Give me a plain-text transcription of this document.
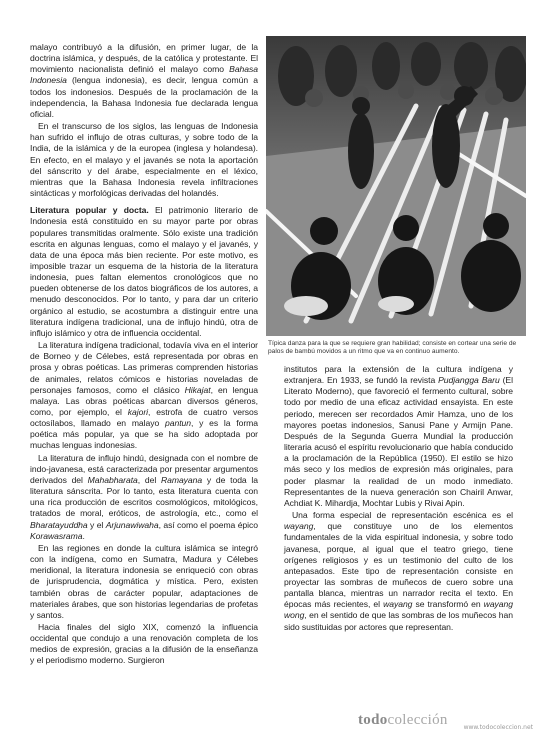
malayo contribuyó a la difusión, en primer lugar, de la doctrina islámica, y después, de la católica y protestante. El movimiento nacionalista definió el malayo como Bahasa Indonesia (lengua indonesia), es decir, lengua común a todos los indonesios. Después de la proclamación de la independencia, la Bahasa Indonesia fue declarada lengua oficial.

En el transcurso de los siglos, las lenguas de Indonesia han sufrido el influjo de otras culturas, y sobre todo de la India, de la islámica y de la europea (inglesa y holandesa). En efecto, en el malayo y el javanés se nota la aportación del sánscrito y del árabe, especialmente en el léxico, mientras que la Bahasa Indonesia revela infiltraciones sintácticas y morfológicas derivadas del holandés.

Literatura popular y docta. El patrimonio literario de Indonesia está constituido en su mayor parte por obras populares transmitidas oralmente. Sólo existe una tradición escrita en algunas lenguas, como el malayo y el javanés, y data de una época más bien reciente. Por este motivo, es imposible trazar un esquema de la historia de la literatura indonesia, pues faltan elementos cronológicos que no pueden obtenerse de los datos biográficos de los autores, a menudo desconocidos. Por lo tanto, y para dar un criterio orgánico al estudio, se acostumbra a distinguir entre una literatura indígena tradicional, una de influjo hindú, otra de influjo islámico y otra de influencia occidental.

La literatura indígena tradicional, todavía viva en el interior de Borneo y de Célebes, está representada por obras en prosa y obras poéticas. Las primeras comprenden historias de animales, relatos cómicos e historias noveladas de personajes famosos, como el clásico Hikajat, en lengua malaya. Las obras poéticas abarcan diversos géneros, como, por ejemplo, el kajori, estrofa de cuatro versos octosílabos, llamado en malayo pantun, y es la forma poética más popular, ya que se ha sido adoptada por muchas lenguas indonesias.

La literatura de influjo hindú, designada con el nombre de indo-javanesa, está caracterizada por presentar argumentos derivados del Mahabharata, del Ramayana y de toda la literatura sánscrita. Por lo tanto, esta literatura cuenta con una rica producción de escritos cosmológicos, mitológicos, tratados de moral, eróticos, de astrología, etc., como el Bharatayuddha y el Arjunawiwaha, así como el poema épico Korawasrama.

En las regiones en donde la cultura islámica se integró con la indígena, como en Sumatra, Madura y Célebes meridional, la literatura indonesia se enriqueció con obras de jurisprudencia, dogmática y mística. Pero, existen también obras de carácter popular, adaptaciones de materiales árabes, que son historias legendarias de profetas y santos.

Hacia finales del siglo XIX, comenzó la influencia occidental que condujo a una renovación completa de los medios de expresión, gracias a la difusión de la enseñanza y el periodismo moderno. Surgieron

Típica danza para la que se requiere gran habilidad; consiste en cortear una serie de palos de bambú movidos a un ritmo que va en continuo aumento.

institutos para la extensión de la cultura indígena y extranjera. En 1933, se fundó la revista Pudjangga Baru (El Literato Moderno), que favoreció el fermento cultural, sobre todo por medio de una eficaz actividad ensayista. En este periodo, merecen ser recordados Amir Hamza, uno de los mayores poetas indonesios, Sanusi Pane y Armijn Pane. Después de la Segunda Guerra Mundial la producción literaria acusó el espíritu revolucionario que había conducido a la proclamación de la República (1950). El estilo se hizo más seco y los medios de expresión más originales, para poder plasmar la realidad de un modo inmediato. Representantes de la nueva generación son Chairil Anwar, Achdiat K. Mihardja, Mochtar Lubis y Rivai Apin.

Una forma especial de representación escénica es el wayang, que constituye uno de los elementos fundamentales de la vida espiritual indonesia, y sobre todo javanesa, porque, al igual que el teatro griego, tiene orígenes religiosos y es un testimonio del culto de los antepasados. Este tipo de representación consiste en proyectar las sombras de muñecos de cuero sobre una pantalla blanca, mientras un narrador recita el texto. En épocas más recientes, el wayang se transformó en wayang wong, en el sentido de que las sombras de los muñecos han sido sustituidas por actores que representan.

todocolección	www.todocoleccion.net
